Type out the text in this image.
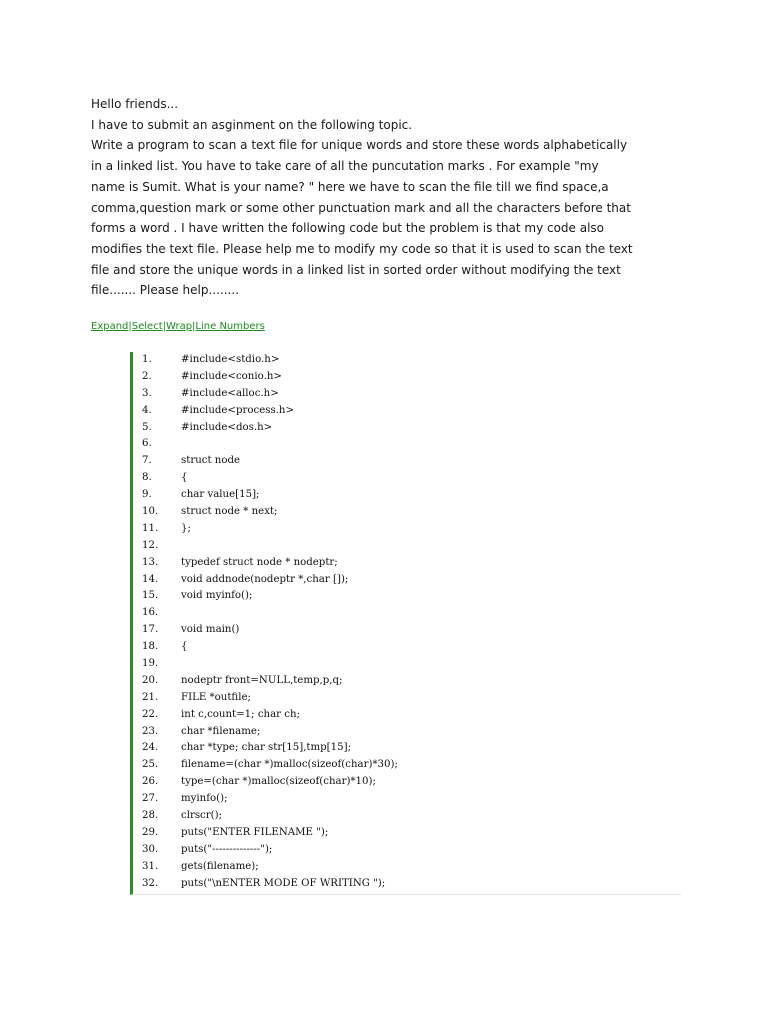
Hello friends...

I have to submit an asginment on the following topic.

Write a program to scan a text file for unique words and store these words alphabetically

in a linked list. You have to take care of all the puncutation marks . For example "my

name is Sumit. What is your name? " here we have to scan the file till we find space,a

comma,question mark or some other punctuation mark and all the characters before that

forms a word . I have written the following code but the problem is that my code also

modifies the text file. Please help me to modify my code so that it is used to scan the text

file and store the unique words in a linked list in sorted order without modifying the text

file....... Please help........

Expand|Select|Wrap|Line Numbers
1.	#include<stdio.h>
2.	#include<conio.h>
3.	#include<alloc.h>
4.	#include<process.h>
5.	#include<dos.h>
6.
7.	struct node
8.	{
9.	char value[15];
10.	struct node * next;
11.	};
12.
13.	typedef struct node * nodeptr;
14.	void addnode(nodeptr *,char []);
15.	void myinfo();
16.
17.	void main()
18.	{
19.
20.	nodeptr front=NULL,temp,p,q;
21.	FILE *outfile;
22.	int c,count=1; char ch;
23.	char *filename;
24.	char *type; char str[15],tmp[15];
25.	filename=(char *)malloc(sizeof(char)*30);
26.	type=(char *)malloc(sizeof(char)*10);
27.	myinfo();
28.	clrscr();
29.	puts("ENTER FILENAME ");
30.	puts("--------------");
31.	gets(filename);
32.	puts("\nENTER MODE OF WRITING ");
